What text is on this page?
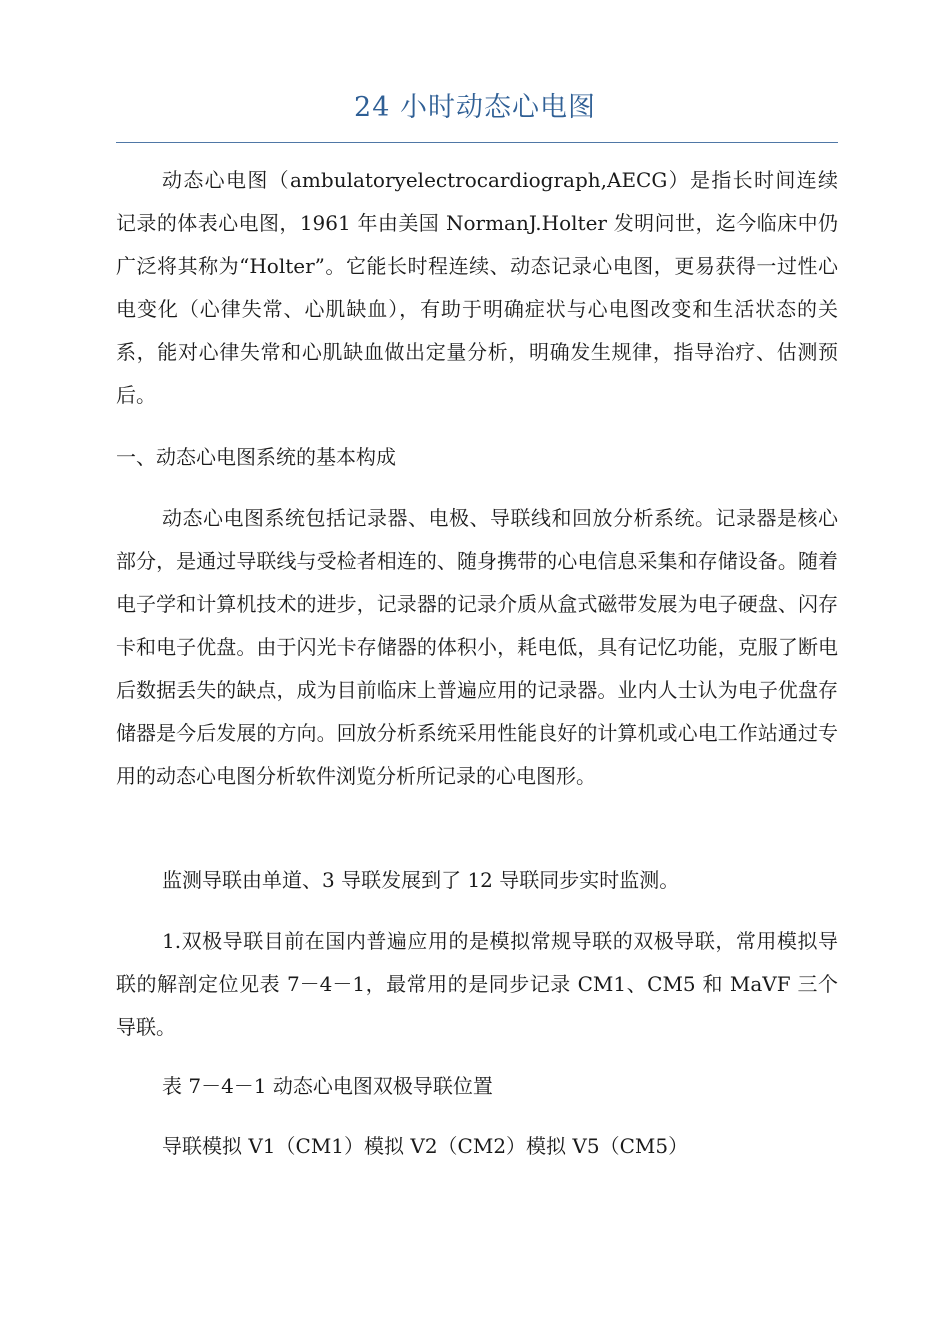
24 小时动态心电图

动态心电图（ambulatoryelectrocardiograph,AECG）是指长时间连续记录的体表心电图，1961 年由美国 NormanJ.Holter 发明问世，迄今临床中仍广泛将其称为“Holter”。它能长时程连续、动态记录心电图，更易获得一过性心电变化（心律失常、心肌缺血），有助于明确症状与心电图改变和生活状态的关系，能对心律失常和心肌缺血做出定量分析，明确发生规律，指导治疗、估测预后。

一、动态心电图系统的基本构成

动态心电图系统包括记录器、电极、导联线和回放分析系统。记录器是核心部分，是通过导联线与受检者相连的、随身携带的心电信息采集和存储设备。随着电子学和计算机技术的进步，记录器的记录介质从盒式磁带发展为电子硬盘、闪存卡和电子优盘。由于闪光卡存储器的体积小，耗电低，具有记忆功能，克服了断电后数据丢失的缺点，成为目前临床上普遍应用的记录器。业内人士认为电子优盘存储器是今后发展的方向。回放分析系统采用性能良好的计算机或心电工作站通过专用的动态心电图分析软件浏览分析所记录的心电图形。

监测导联由单道、3 导联发展到了 12 导联同步实时监测。

1.双极导联目前在国内普遍应用的是模拟常规导联的双极导联，常用模拟导联的解剖定位见表 7－4－1，最常用的是同步记录 CM1、CM5 和 MaVF 三个导联。

表 7－4－1 动态心电图双极导联位置

导联模拟 V1（CM1）模拟 V2（CM2）模拟 V5（CM5）
